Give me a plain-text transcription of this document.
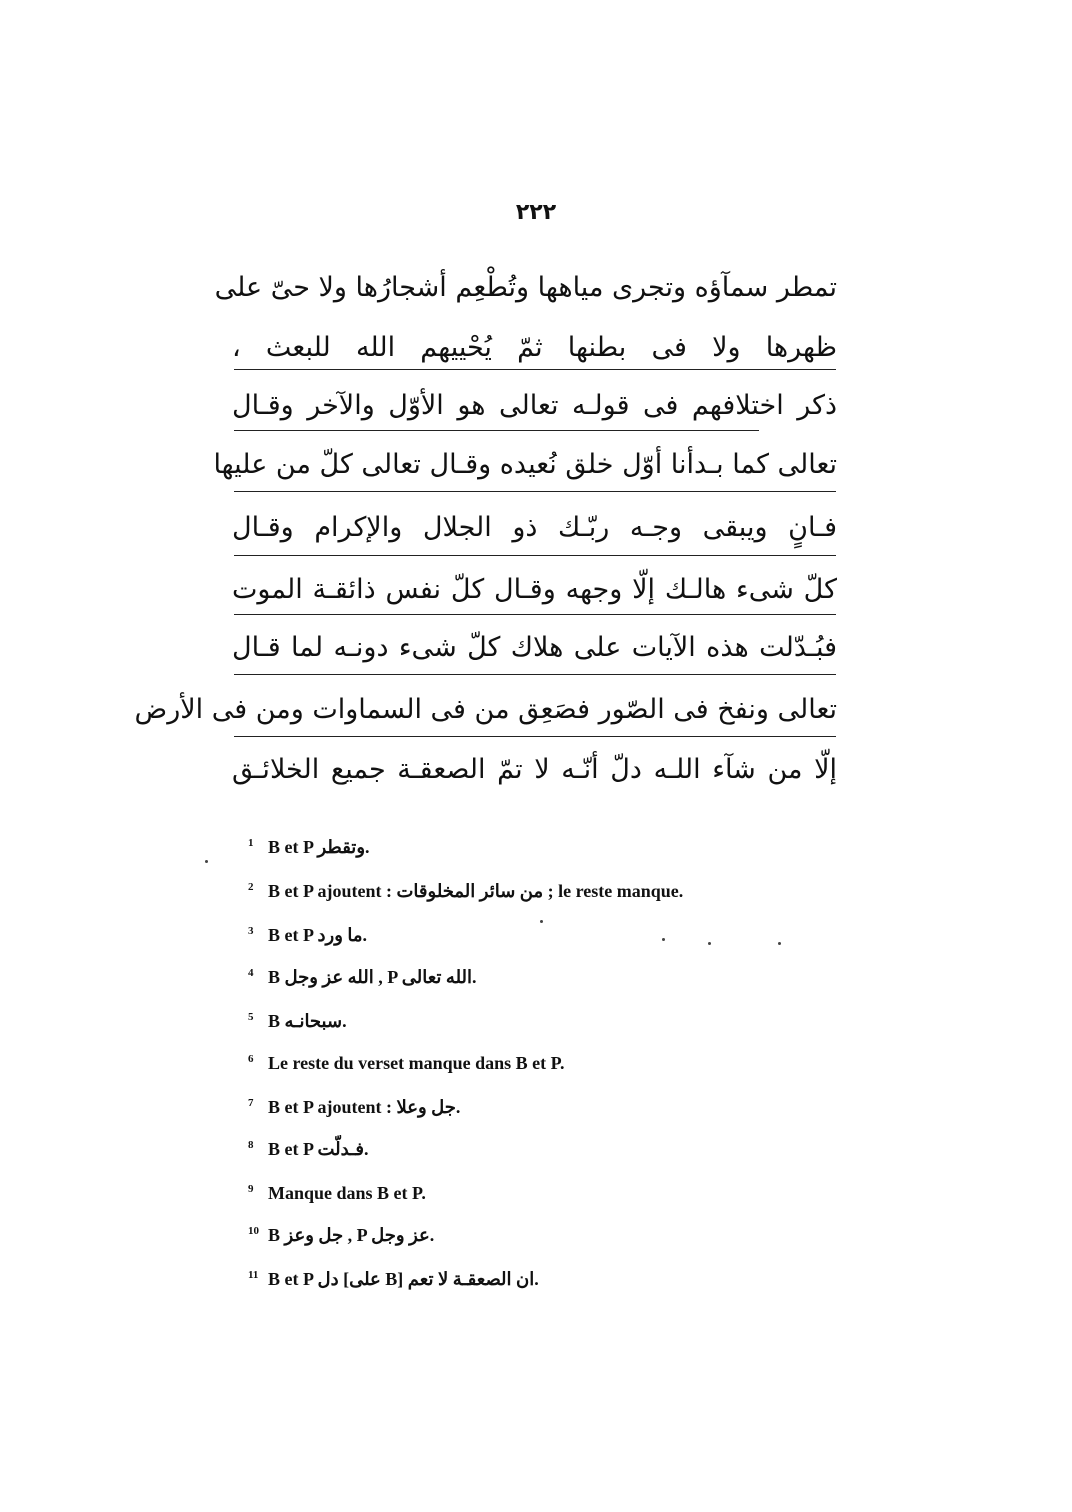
٢٢٢
تمطر سمآؤه وتجرى مياهها وتُطْعِم أشجارُها ولا حىّ على
ظهرها ولا فى بطنها ثمّ يُحْييهم الله للبعث ،
ذكر اختلافهم فى قولـه تعالى هو الأوّل والآخر وقـال
تعالى كما بـدأنا أوّل خلق نُعيده وقـال تعالى كلّ من عليها
فـانٍ ويبقى وجـه ربّـك ذو الجلال والإكرام وقـال
كلّ شىء هالـك إلّا وجهه وقـال كلّ نفس ذائقـة الموت
فبُـدّلت هذه الآيات على هلاك كلّ شىء دونـه لما قـال
تعالى ونفخ فى الصّور فصَعِق من فى السماوات ومن فى الأرض
إلّا من شآء اللـه دلّ أنّـه لا تمّ الصعقـة جميع الخلائـق
1 B et P وتقطر.
2 B et P ajoutent : من سائر المخلوقات ; le reste manque.
3 B et P ما ورد.
4 B الله عز وجل , P الله تعالى.
5 B سبحانـه.
6 Le reste du verset manque dans B et P.
7 B et P ajoutent : جل وعلا.
8 B et P فـدلّت.
9 Manque dans B et P.
10 B جل وعز , P عز وجل.
11 B et P دل [على B] ان الصعقـة لا تعم.
